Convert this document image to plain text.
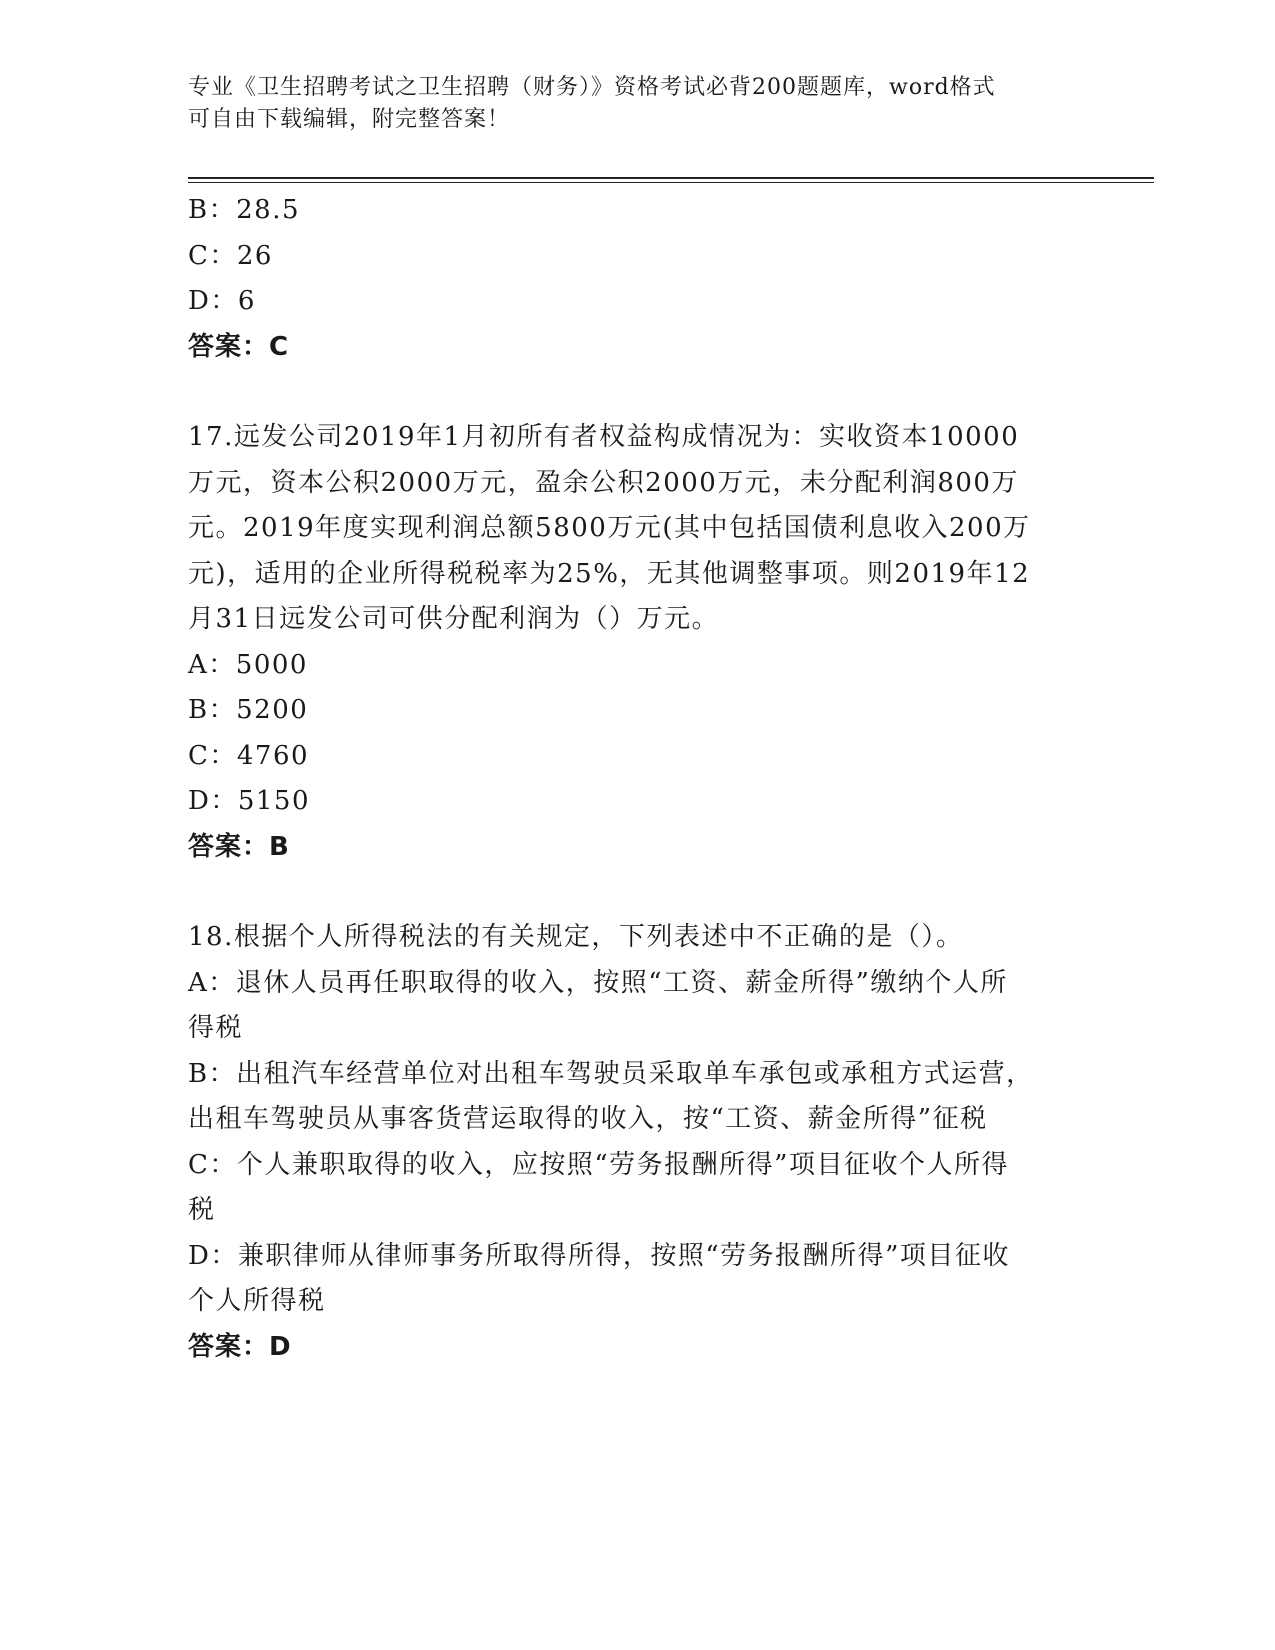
专业《卫生招聘考试之卫生招聘（财务）》资格考试必背200题题库，word格式

可自由下载编辑，附完整答案！

B：28.5

C：26

D：6

答案：C

17.远发公司2019年1月初所有者权益构成情况为：实收资本10000

万元，资本公积2000万元，盈余公积2000万元，未分配利润800万

元。2019年度实现利润总额5800万元(其中包括国债利息收入200万

元)，适用的企业所得税税率为25%，无其他调整事项。则2019年12

月31日远发公司可供分配利润为（）万元。

A：5000

B：5200

C：4760

D：5150

答案：B

18.根据个人所得税法的有关规定，下列表述中不正确的是（）。

A：退休人员再任职取得的收入，按照“工资、薪金所得”缴纳个人所

得税

B：出租汽车经营单位对出租车驾驶员采取单车承包或承租方式运营，

出租车驾驶员从事客货营运取得的收入，按“工资、薪金所得”征税

C：个人兼职取得的收入，应按照“劳务报酬所得”项目征收个人所得

税

D：兼职律师从律师事务所取得所得，按照“劳务报酬所得”项目征收

个人所得税

答案：D
